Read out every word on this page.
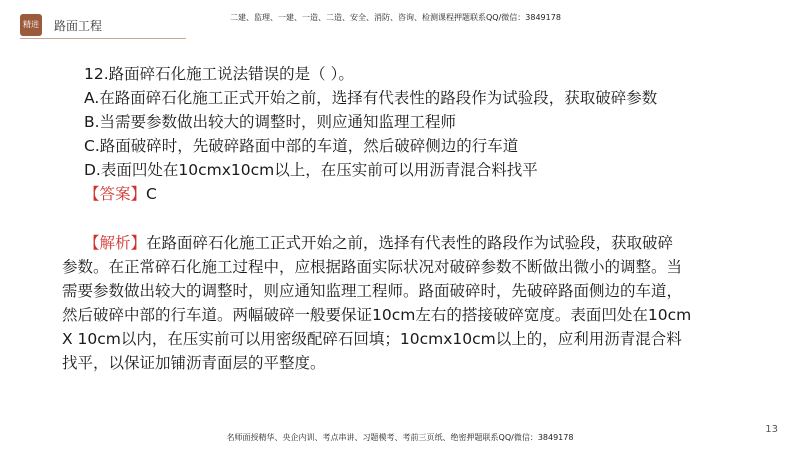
精进 路面工程
二建、监理、一建、一造、二造、安全、消防、咨询、检测课程押题联系QQ/微信：3849178

12.路面碎石化施工说法错误的是（ ）。

A.在路面碎石化施工正式开始之前，选择有代表性的路段作为试验段，获取破碎参数

B.当需要参数做出较大的调整时，则应通知监理工程师

C.路面破碎时，先破碎路面中部的车道，然后破碎侧边的行车道

D.表面凹处在10cmx10cm以上，在压实前可以用沥青混合料找平

【答案】C

【解析】在路面碎石化施工正式开始之前，选择有代表性的路段作为试验段，获取破碎

参数。在正常碎石化施工过程中，应根据路面实际状况对破碎参数不断做出微小的调整。当

需要参数做出较大的调整时，则应通知监理工程师。路面破碎时，先破碎路面侧边的车道，

然后破碎中部的行车道。两幅破碎一般要保证10cm左右的搭接破碎宽度。表面凹处在10cm

X 10cm以内，在压实前可以用密级配碎石回填；10cmx10cm以上的，应利用沥青混合料

找平，以保证加铺沥青面层的平整度。

13
名师面授精华、央企内训、考点串讲、习题模考、考前三页纸、绝密押题联系QQ/微信：3849178
